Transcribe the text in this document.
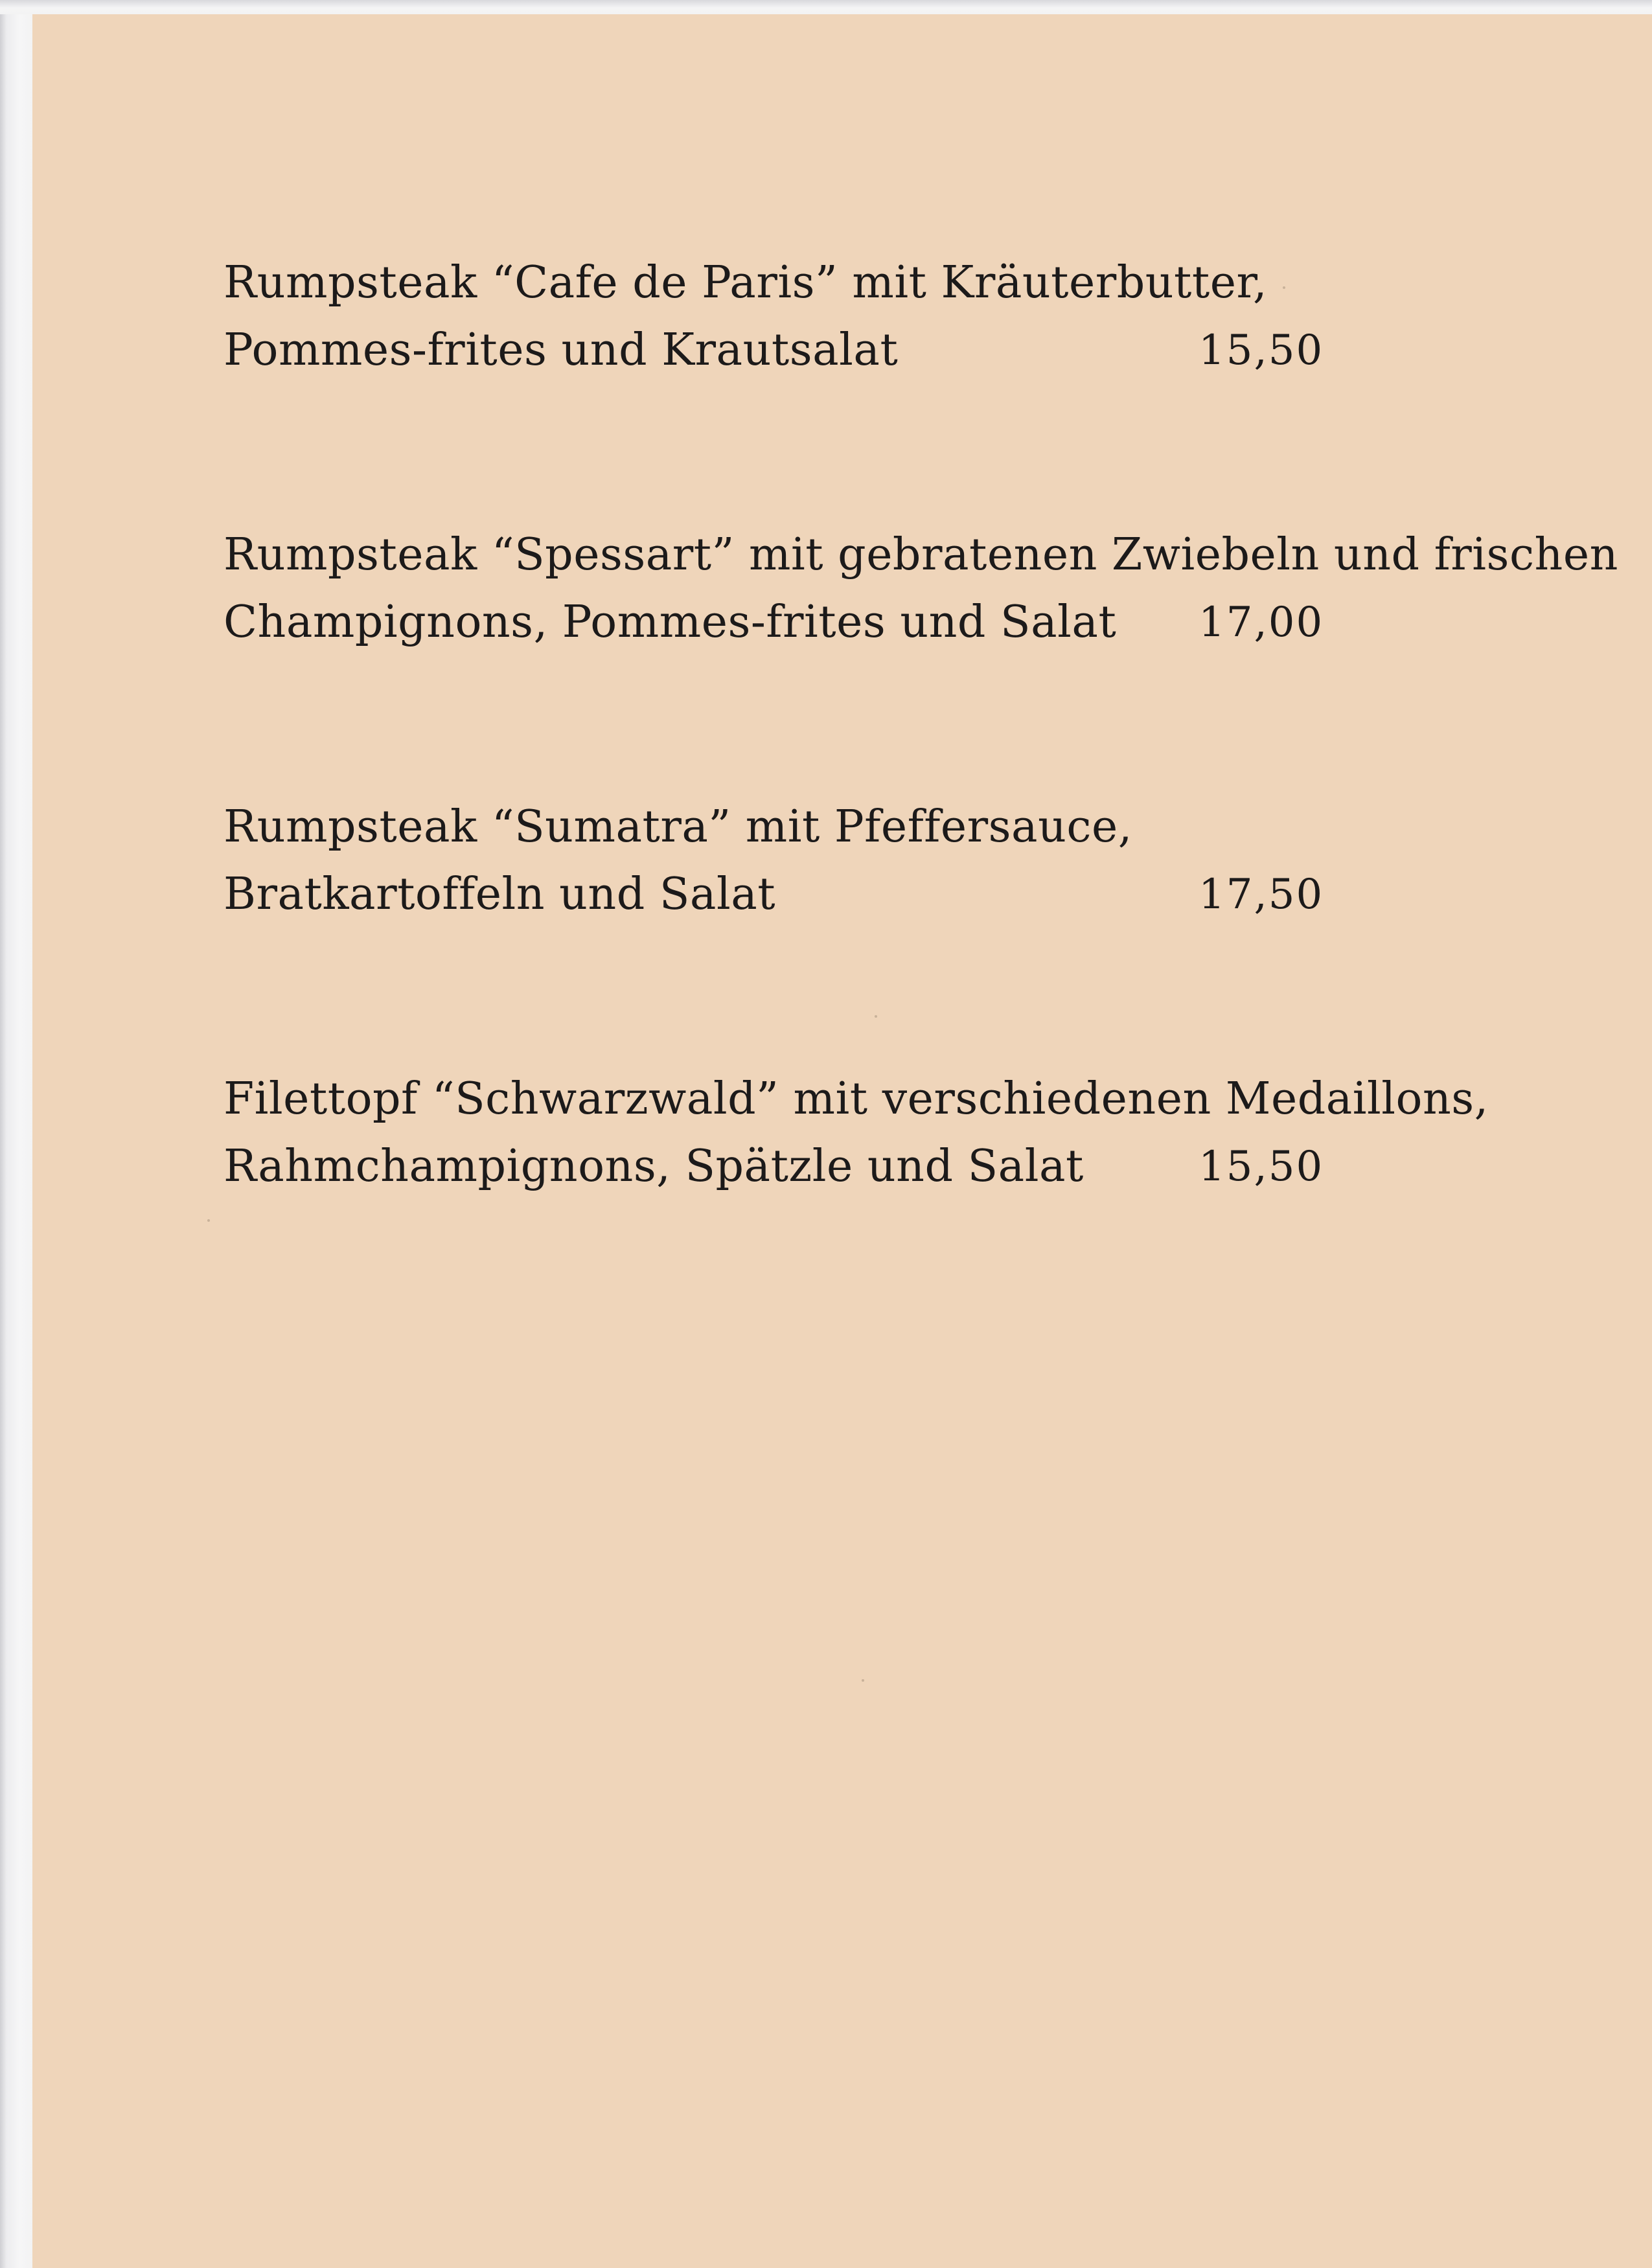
Rumpsteak “Cafe de Paris” mit Kräuterbutter,
Pommes-frites und Krautsalat	15,50
Rumpsteak “Spessart” mit gebratenen Zwiebeln und frischen
Champignons, Pommes-frites und Salat	17,00
Rumpsteak “Sumatra” mit Pfeffersauce,
Bratkartoffeln und Salat	17,50
Filettopf “Schwarzwald” mit verschiedenen Medaillons,
Rahmchampignons, Spätzle und Salat	15,50
